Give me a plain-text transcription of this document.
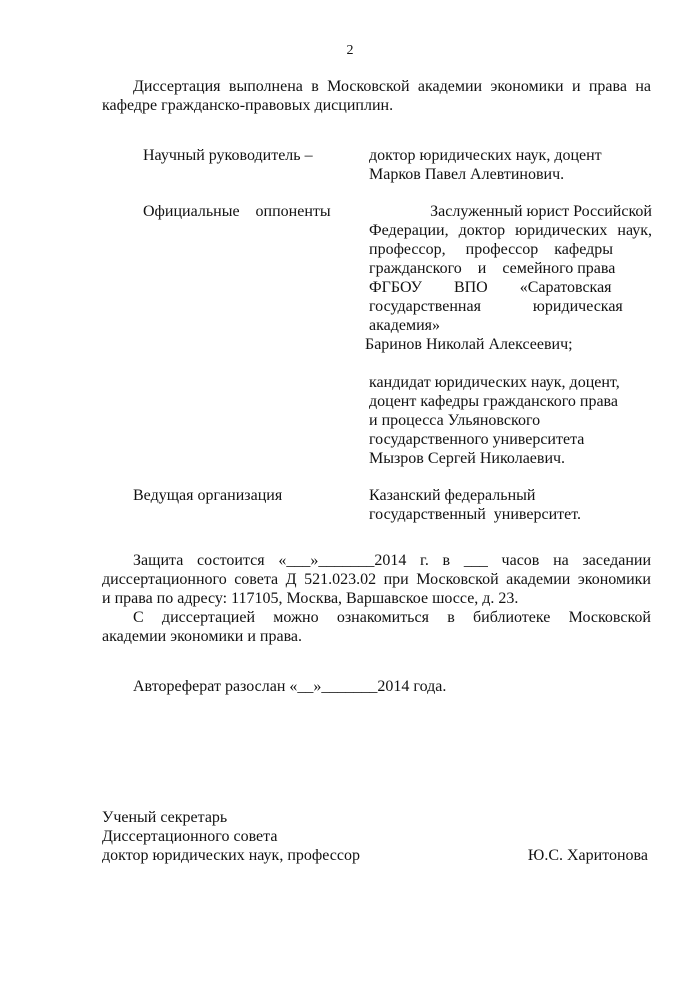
2
Диссертация выполнена в Московской академии экономики и права на
кафедре гражданско-правовых дисциплин.
Научный руководитель –	доктор юридических наук, доцент
Марков Павел Алевтинович.
Официальные    оппоненты	Заслуженный юрист Российской
Федерации, доктор юридических наук,
профессор,     профессор    кафедры
гражданского    и    семейного права
ФГБОУ        ВПО        «Саратовская
государственная             юридическая
академия»
Баринов Николай Алексеевич;
кандидат юридических наук, доцент,
доцент кафедры гражданского права
и процесса Ульяновского
государственного университета
Мызров Сергей Николаевич.
Ведущая организация	Казанский федеральный
государственный  университет.
Защита состоится «___»_______2014 г. в ___ часов на заседании
диссертационного совета Д 521.023.02 при Московской академии экономики
и права по адресу: 117105, Москва, Варшавское шоссе, д. 23.
С диссертацией можно ознакомиться в библиотеке Московской
академии экономики и права.
Автореферат разослан «__»_______2014 года.
Ученый секретарь
Диссертационного совета
доктор юридических наук, профессор	Ю.С. Харитонова
